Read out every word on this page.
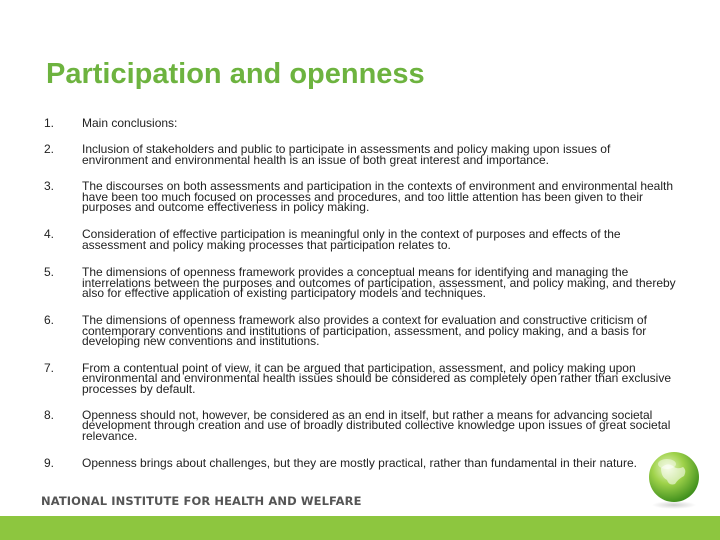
Participation and openness
1.	Main conclusions:
2.	Inclusion of stakeholders and public to participate in assessments and policy making upon issues of environment and environmental health is an issue of both great interest and importance.
3.	The discourses on both assessments and participation in the contexts of environment and environmental health have been too much focused on processes and procedures, and too little attention has been given to their purposes and outcome effectiveness in policy making.
4.	Consideration of effective participation is meaningful only in the context of purposes and effects of the assessment and policy making processes that participation relates to.
5.	The dimensions of openness framework provides a conceptual means for identifying and managing the interrelations between the purposes and outcomes of participation, assessment, and policy making, and thereby also for effective application of existing participatory models and techniques.
6.	The dimensions of openness framework also provides a context for evaluation and constructive criticism of contemporary conventions and institutions of participation, assessment, and policy making, and a basis for developing new conventions and institutions.
7.	From a contentual point of view, it can be argued that participation, assessment, and policy making upon environmental and environmental health issues should be considered as completely open rather than exclusive processes by default.
8.	Openness should not, however, be considered as an end in itself, but rather a means for advancing societal development through creation and use of broadly distributed collective knowledge upon issues of great societal relevance.
9.	Openness brings about challenges, but they are mostly practical, rather than fundamental in their nature.
NATIONAL INSTITUTE FOR HEALTH AND WELFARE
